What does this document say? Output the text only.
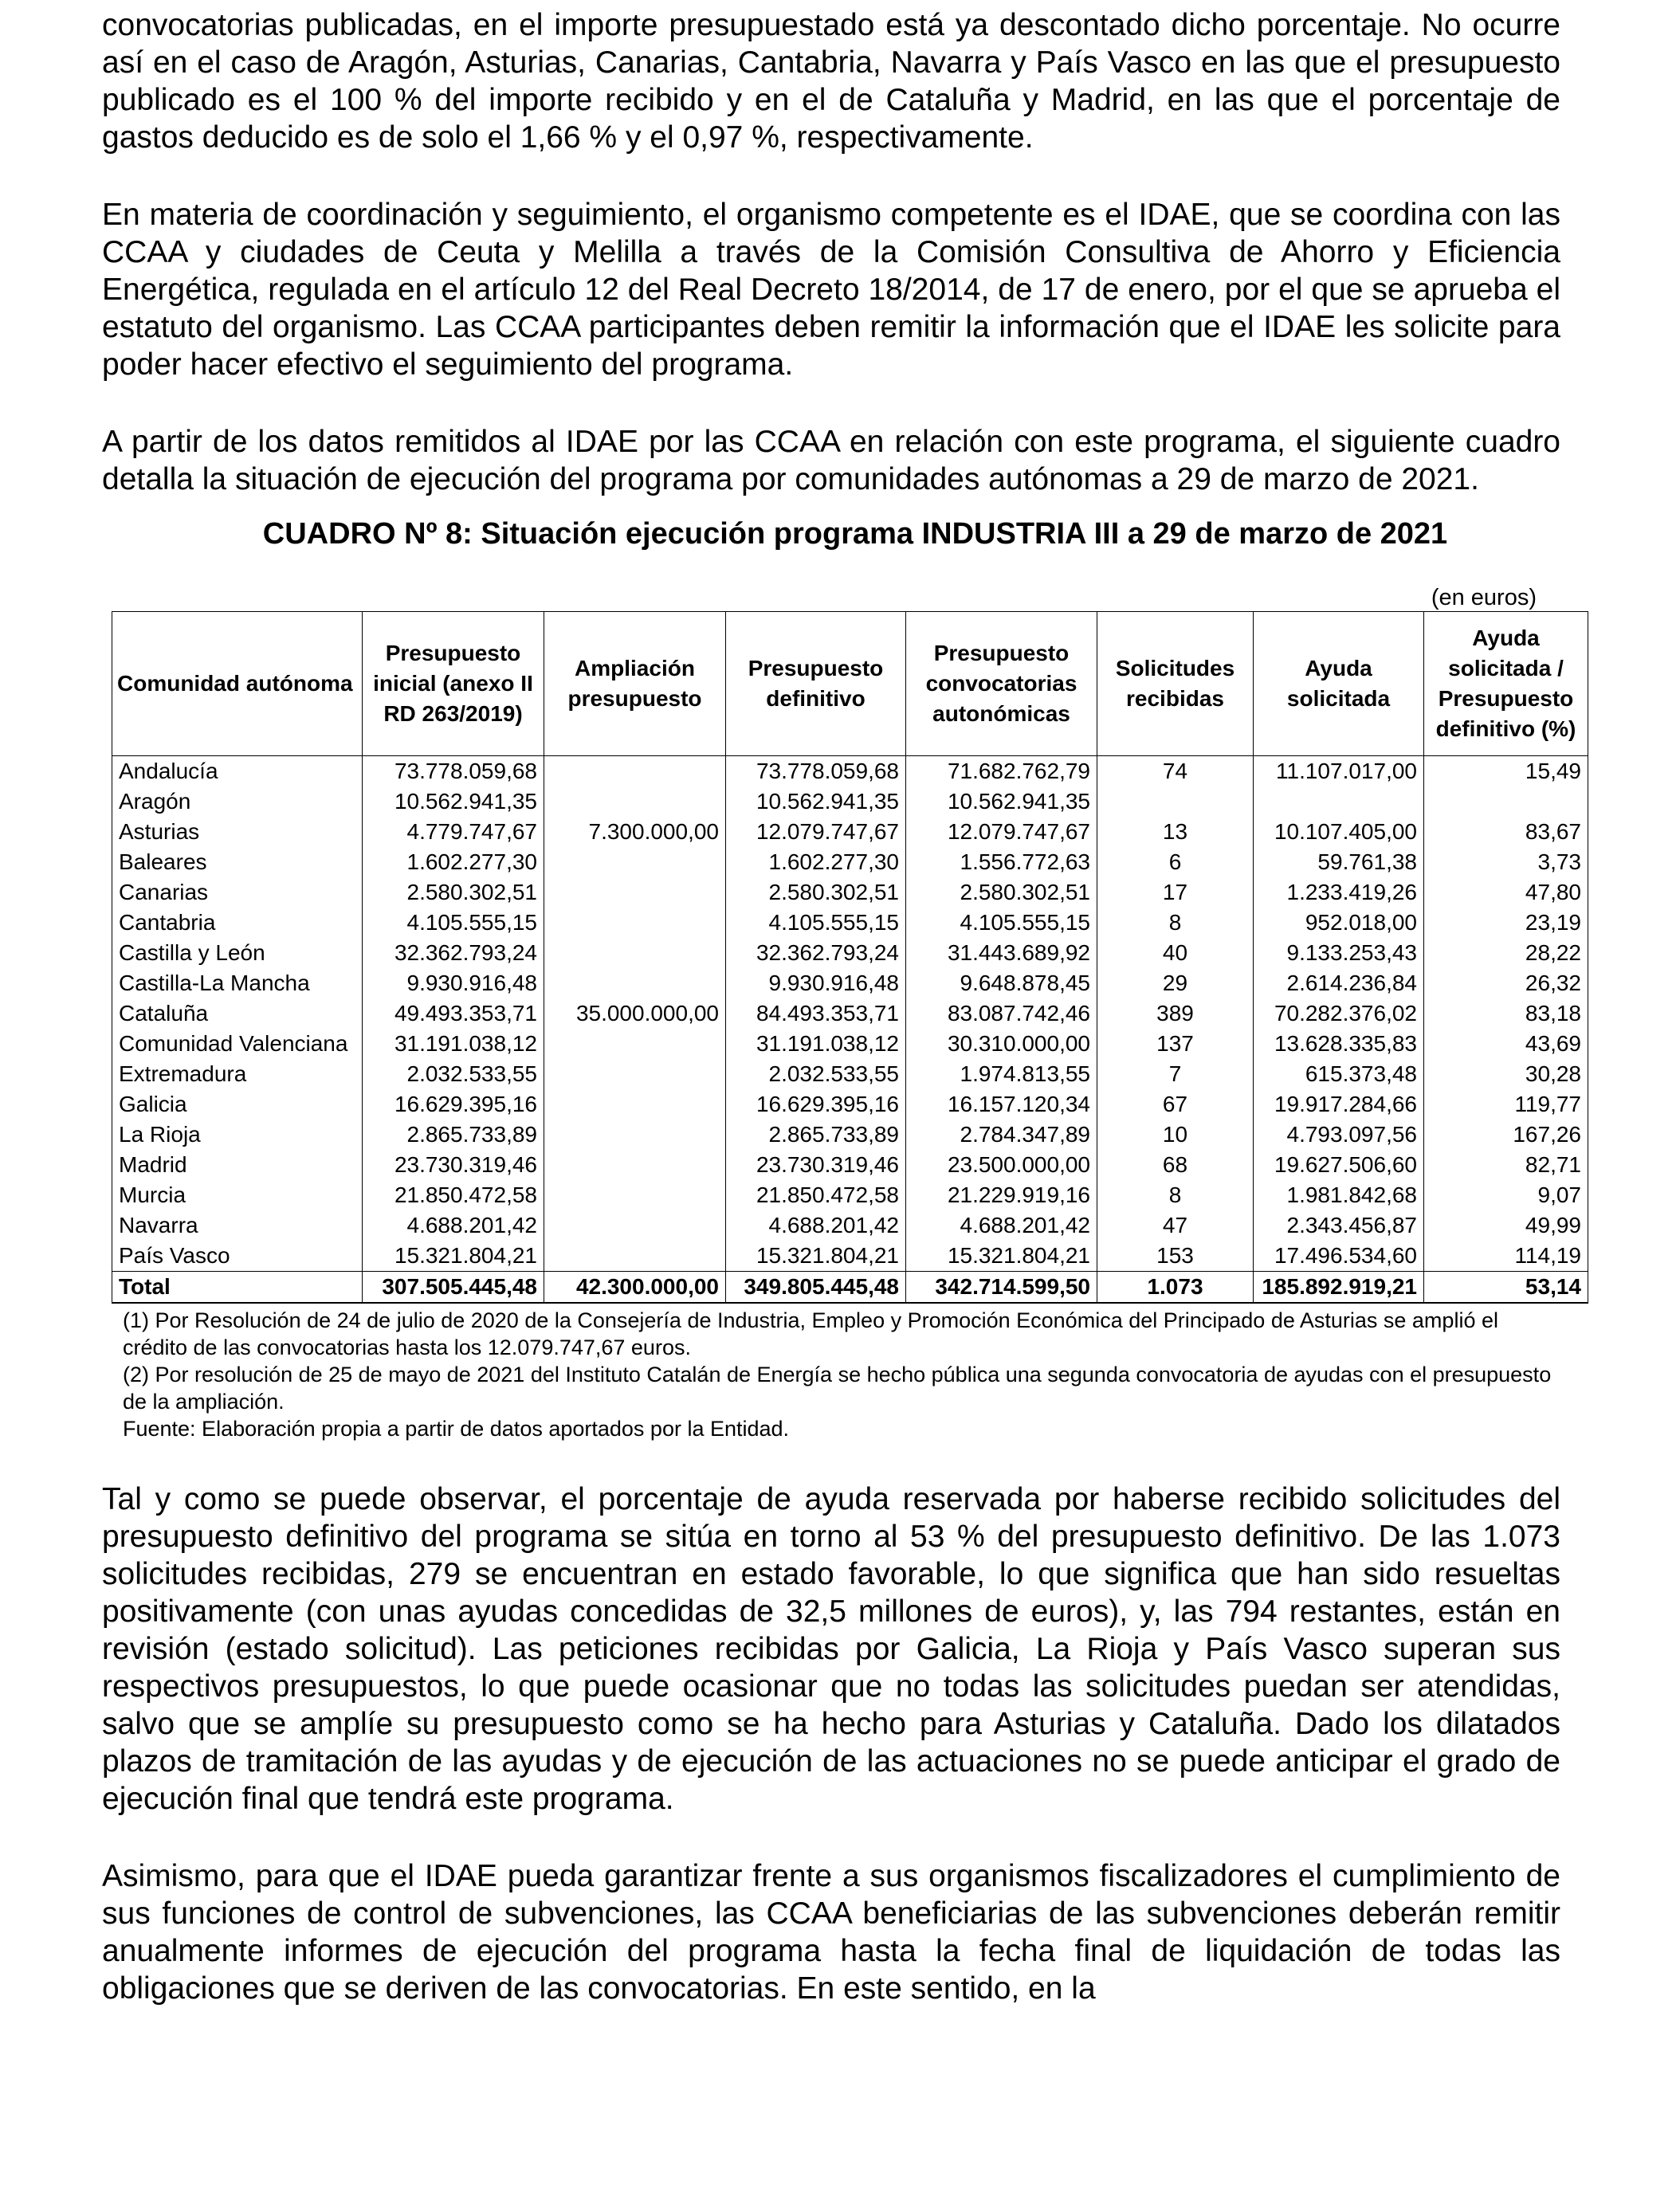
convocatorias publicadas, en el importe presupuestado está ya descontado dicho porcentaje. No ocurre así en el caso de Aragón, Asturias, Canarias, Cantabria, Navarra y País Vasco en las que el presupuesto publicado es el 100 % del importe recibido y en el de Cataluña y Madrid, en las que el porcentaje de gastos deducido es de solo el 1,66 % y el 0,97 %, respectivamente.

En materia de coordinación y seguimiento, el organismo competente es el IDAE, que se coordina con las CCAA y ciudades de Ceuta y Melilla a través de la Comisión Consultiva de Ahorro y Eficiencia Energética, regulada en el artículo 12 del Real Decreto 18/2014, de 17 de enero, por el que se aprueba el estatuto del organismo. Las CCAA participantes deben remitir la información que el IDAE les solicite para poder hacer efectivo el seguimiento del programa.

A partir de los datos remitidos al IDAE por las CCAA en relación con este programa, el siguiente cuadro detalla la situación de ejecución del programa por comunidades autónomas a 29 de marzo de 2021.

CUADRO Nº 8: Situación ejecución programa INDUSTRIA III a 29 de marzo de 2021
(en euros)
Comunidad autónoma	Presupuesto inicial (anexo II RD 263/2019)	Ampliación presupuesto	Presupuesto definitivo	Presupuesto convocatorias autonómicas	Solicitudes recibidas	Ayuda solicitada	Ayuda solicitada / Presupuesto definitivo (%)
Andalucía	73.778.059,68		73.778.059,68	71.682.762,79	74	11.107.017,00	15,49
Aragón	10.562.941,35		10.562.941,35	10.562.941,35			
Asturias	4.779.747,67	7.300.000,00	12.079.747,67	12.079.747,67	13	10.107.405,00	83,67
Baleares	1.602.277,30		1.602.277,30	1.556.772,63	6	59.761,38	3,73
Canarias	2.580.302,51		2.580.302,51	2.580.302,51	17	1.233.419,26	47,80
Cantabria	4.105.555,15		4.105.555,15	4.105.555,15	8	952.018,00	23,19
Castilla y León	32.362.793,24		32.362.793,24	31.443.689,92	40	9.133.253,43	28,22
Castilla-La Mancha	9.930.916,48		9.930.916,48	9.648.878,45	29	2.614.236,84	26,32
Cataluña	49.493.353,71	35.000.000,00	84.493.353,71	83.087.742,46	389	70.282.376,02	83,18
Comunidad Valenciana	31.191.038,12		31.191.038,12	30.310.000,00	137	13.628.335,83	43,69
Extremadura	2.032.533,55		2.032.533,55	1.974.813,55	7	615.373,48	30,28
Galicia	16.629.395,16		16.629.395,16	16.157.120,34	67	19.917.284,66	119,77
La Rioja	2.865.733,89		2.865.733,89	2.784.347,89	10	4.793.097,56	167,26
Madrid	23.730.319,46		23.730.319,46	23.500.000,00	68	19.627.506,60	82,71
Murcia	21.850.472,58		21.850.472,58	21.229.919,16	8	1.981.842,68	9,07
Navarra	4.688.201,42		4.688.201,42	4.688.201,42	47	2.343.456,87	49,99
País Vasco	15.321.804,21		15.321.804,21	15.321.804,21	153	17.496.534,60	114,19
Total	307.505.445,48	42.300.000,00	349.805.445,48	342.714.599,50	1.073	185.892.919,21	53,14

(1) Por Resolución de 24 de julio de 2020 de la Consejería de Industria, Empleo y Promoción Económica del Principado de Asturias se amplió el crédito de las convocatorias hasta los 12.079.747,67 euros.

(2) Por resolución de 25 de mayo de 2021 del Instituto Catalán de Energía se hecho pública una segunda convocatoria de ayudas con el presupuesto de la ampliación.

Fuente: Elaboración propia a partir de datos aportados por la Entidad.

Tal y como se puede observar, el porcentaje de ayuda reservada por haberse recibido solicitudes del presupuesto definitivo del programa se sitúa en torno al 53 % del presupuesto definitivo. De las 1.073 solicitudes recibidas, 279 se encuentran en estado favorable, lo que significa que han sido resueltas positivamente (con unas ayudas concedidas de 32,5 millones de euros), y, las 794 restantes, están en revisión (estado solicitud). Las peticiones recibidas por Galicia, La Rioja y País Vasco superan sus respectivos presupuestos, lo que puede ocasionar que no todas las solicitudes puedan ser atendidas, salvo que se amplíe su presupuesto como se ha hecho para Asturias y Cataluña. Dado los dilatados plazos de tramitación de las ayudas y de ejecución de las actuaciones no se puede anticipar el grado de ejecución final que tendrá este programa.

Asimismo, para que el IDAE pueda garantizar frente a sus organismos fiscalizadores el cumplimiento de sus funciones de control de subvenciones, las CCAA beneficiarias de las subvenciones deberán remitir anualmente informes de ejecución del programa hasta la fecha final de liquidación de todas las obligaciones que se deriven de las convocatorias. En este sentido, en la
